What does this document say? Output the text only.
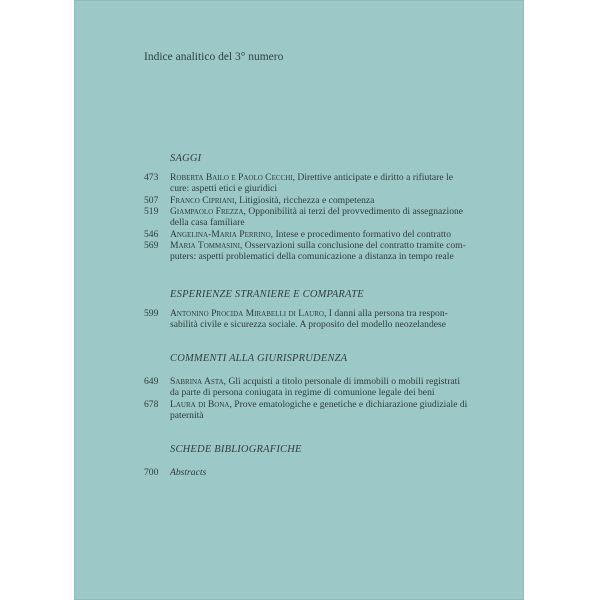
Indice analitico del 3° numero
SAGGI
473	Roberta Bailo e Paolo Cecchi, Direttive anticipate e diritto a rifiutare le
cure: aspetti etici e giuridici
507	Franco Cipriani, Litigiosità, ricchezza e competenza
519	Giampaolo Frezza, Opponibilità ai terzi del provvedimento di assegnazione
della casa familiare
546	Angelina-Maria Perrino, Intese e procedimento formativo del contratto
569	Maria Tommasini, Osservazioni sulla conclusione del contratto tramite com-
puters: aspetti problematici della comunicazione a distanza in tempo reale
ESPERIENZE STRANIERE E COMPARATE
599	Antonino Procida Mirabelli di Lauro, I danni alla persona tra respon-
sabilità civile e sicurezza sociale. A proposito del modello neozelandese
COMMENTI ALLA GIURISPRUDENZA
649	Sabrina Asta, Gli acquisti a titolo personale di immobili o mobili registrati
da parte di persona coniugata in regime di comunione legale dei beni
678	Laura di Bona, Prove ematologiche e genetiche e dichiarazione giudiziale di
paternità
SCHEDE BIBLIOGRAFICHE
700	Abstracts
